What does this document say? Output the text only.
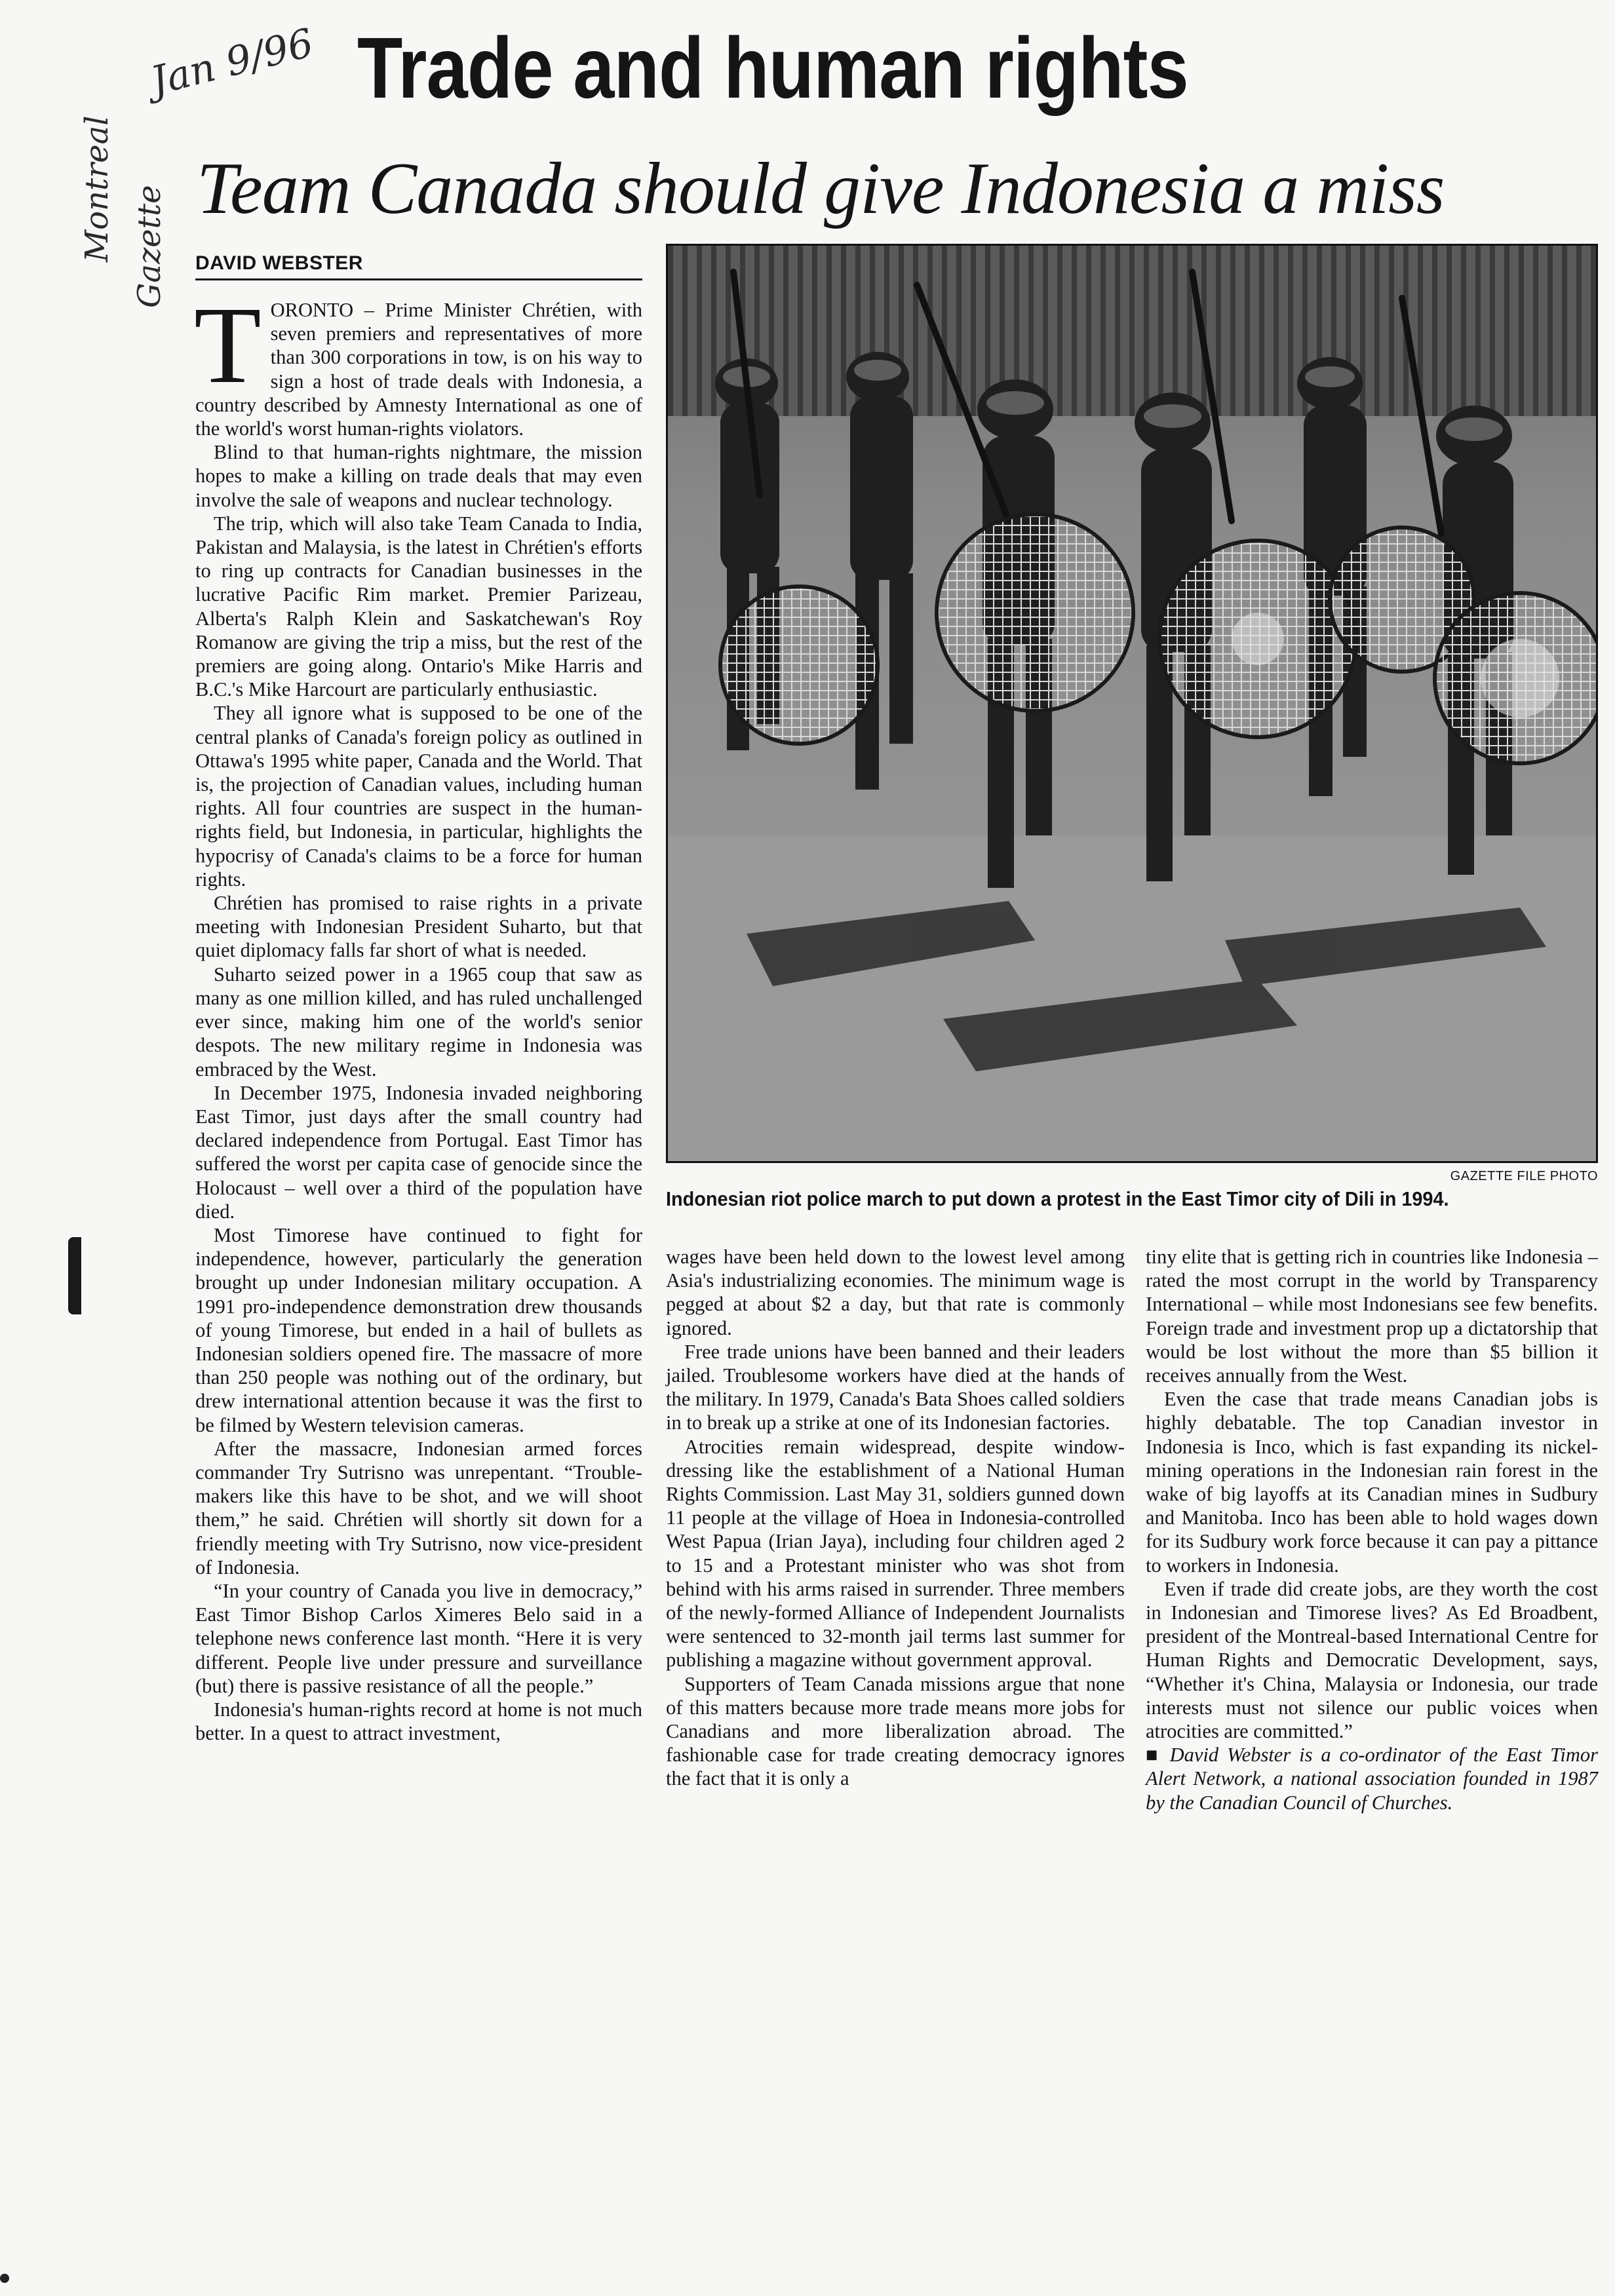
Jan 9/96
Montreal Gazette
Trade and human rights
Team Canada should give Indonesia a miss
DAVID WEBSTER

TORONTO – Prime Minister Chrétien, with seven premiers and representatives of more than 300 corporations in tow, is on his way to sign a host of trade deals with Indonesia, a country described by Amnesty International as one of the world's worst human-rights violators.

Blind to that human-rights nightmare, the mission hopes to make a killing on trade deals that may even involve the sale of weapons and nuclear technology.

The trip, which will also take Team Canada to India, Pakistan and Malaysia, is the latest in Chrétien's efforts to ring up contracts for Canadian businesses in the lucrative Pacific Rim market. Premier Parizeau, Alberta's Ralph Klein and Saskatchewan's Roy Romanow are giving the trip a miss, but the rest of the premiers are going along. Ontario's Mike Harris and B.C.'s Mike Harcourt are particularly enthusiastic.

They all ignore what is supposed to be one of the central planks of Canada's foreign policy as outlined in Ottawa's 1995 white paper, Canada and the World. That is, the projection of Canadian values, including human rights. All four countries are suspect in the human-rights field, but Indonesia, in particular, highlights the hypocrisy of Canada's claims to be a force for human rights.

Chrétien has promised to raise rights in a private meeting with Indonesian President Suharto, but that quiet diplomacy falls far short of what is needed.

Suharto seized power in a 1965 coup that saw as many as one million killed, and has ruled unchallenged ever since, making him one of the world's senior despots. The new military regime in Indonesia was embraced by the West.

In December 1975, Indonesia invaded neighboring East Timor, just days after the small country had declared independence from Portugal. East Timor has suffered the worst per capita case of genocide since the Holocaust – well over a third of the population have died.

Most Timorese have continued to fight for independence, however, particularly the generation brought up under Indonesian military occupation. A 1991 pro-independence demonstration drew thousands of young Timorese, but ended in a hail of bullets as Indonesian soldiers opened fire. The massacre of more than 250 people was nothing out of the ordinary, but drew international attention because it was the first to be filmed by Western television cameras.

After the massacre, Indonesian armed forces commander Try Sutrisno was unrepentant. “Trouble-makers like this have to be shot, and we will shoot them,” he said. Chrétien will shortly sit down for a friendly meeting with Try Sutrisno, now vice-president of Indonesia.

“In your country of Canada you live in democracy,” East Timor Bishop Carlos Ximeres Belo said in a telephone news conference last month. “Here it is very different. People live under pressure and surveillance (but) there is passive resistance of all the people.”

Indonesia's human-rights record at home is not much better. In a quest to attract investment,

GAZETTE FILE PHOTO
Indonesian riot police march to put down a protest in the East Timor city of Dili in 1994.

wages have been held down to the lowest level among Asia's industrializing economies. The minimum wage is pegged at about $2 a day, but that rate is commonly ignored.

Free trade unions have been banned and their leaders jailed. Troublesome workers have died at the hands of the military. In 1979, Canada's Bata Shoes called soldiers in to break up a strike at one of its Indonesian factories.

Atrocities remain widespread, despite window-dressing like the establishment of a National Human Rights Commission. Last May 31, soldiers gunned down 11 people at the village of Hoea in Indonesia-controlled West Papua (Irian Jaya), including four children aged 2 to 15 and a Protestant minister who was shot from behind with his arms raised in surrender. Three members of the newly-formed Alliance of Independent Journalists were sentenced to 32-month jail terms last summer for publishing a magazine without government approval.

Supporters of Team Canada missions argue that none of this matters because more trade means more jobs for Canadians and more liberalization abroad. The fashionable case for trade creating democracy ignores the fact that it is only a

tiny elite that is getting rich in countries like Indonesia – rated the most corrupt in the world by Transparency International – while most Indonesians see few benefits. Foreign trade and investment prop up a dictatorship that would be lost without the more than $5 billion it receives annually from the West.

Even the case that trade means Canadian jobs is highly debatable. The top Canadian investor in Indonesia is Inco, which is fast expanding its nickel-mining operations in the Indonesian rain forest in the wake of big layoffs at its Canadian mines in Sudbury and Manitoba. Inco has been able to hold wages down for its Sudbury work force because it can pay a pittance to workers in Indonesia.

Even if trade did create jobs, are they worth the cost in Indonesian and Timorese lives? As Ed Broadbent, president of the Montreal-based International Centre for Human Rights and Democratic Development, says, “Whether it's China, Malaysia or Indonesia, our trade interests must not silence our public voices when atrocities are committed.”

■ David Webster is a co-ordinator of the East Timor Alert Network, a national association founded in 1987 by the Canadian Council of Churches.
